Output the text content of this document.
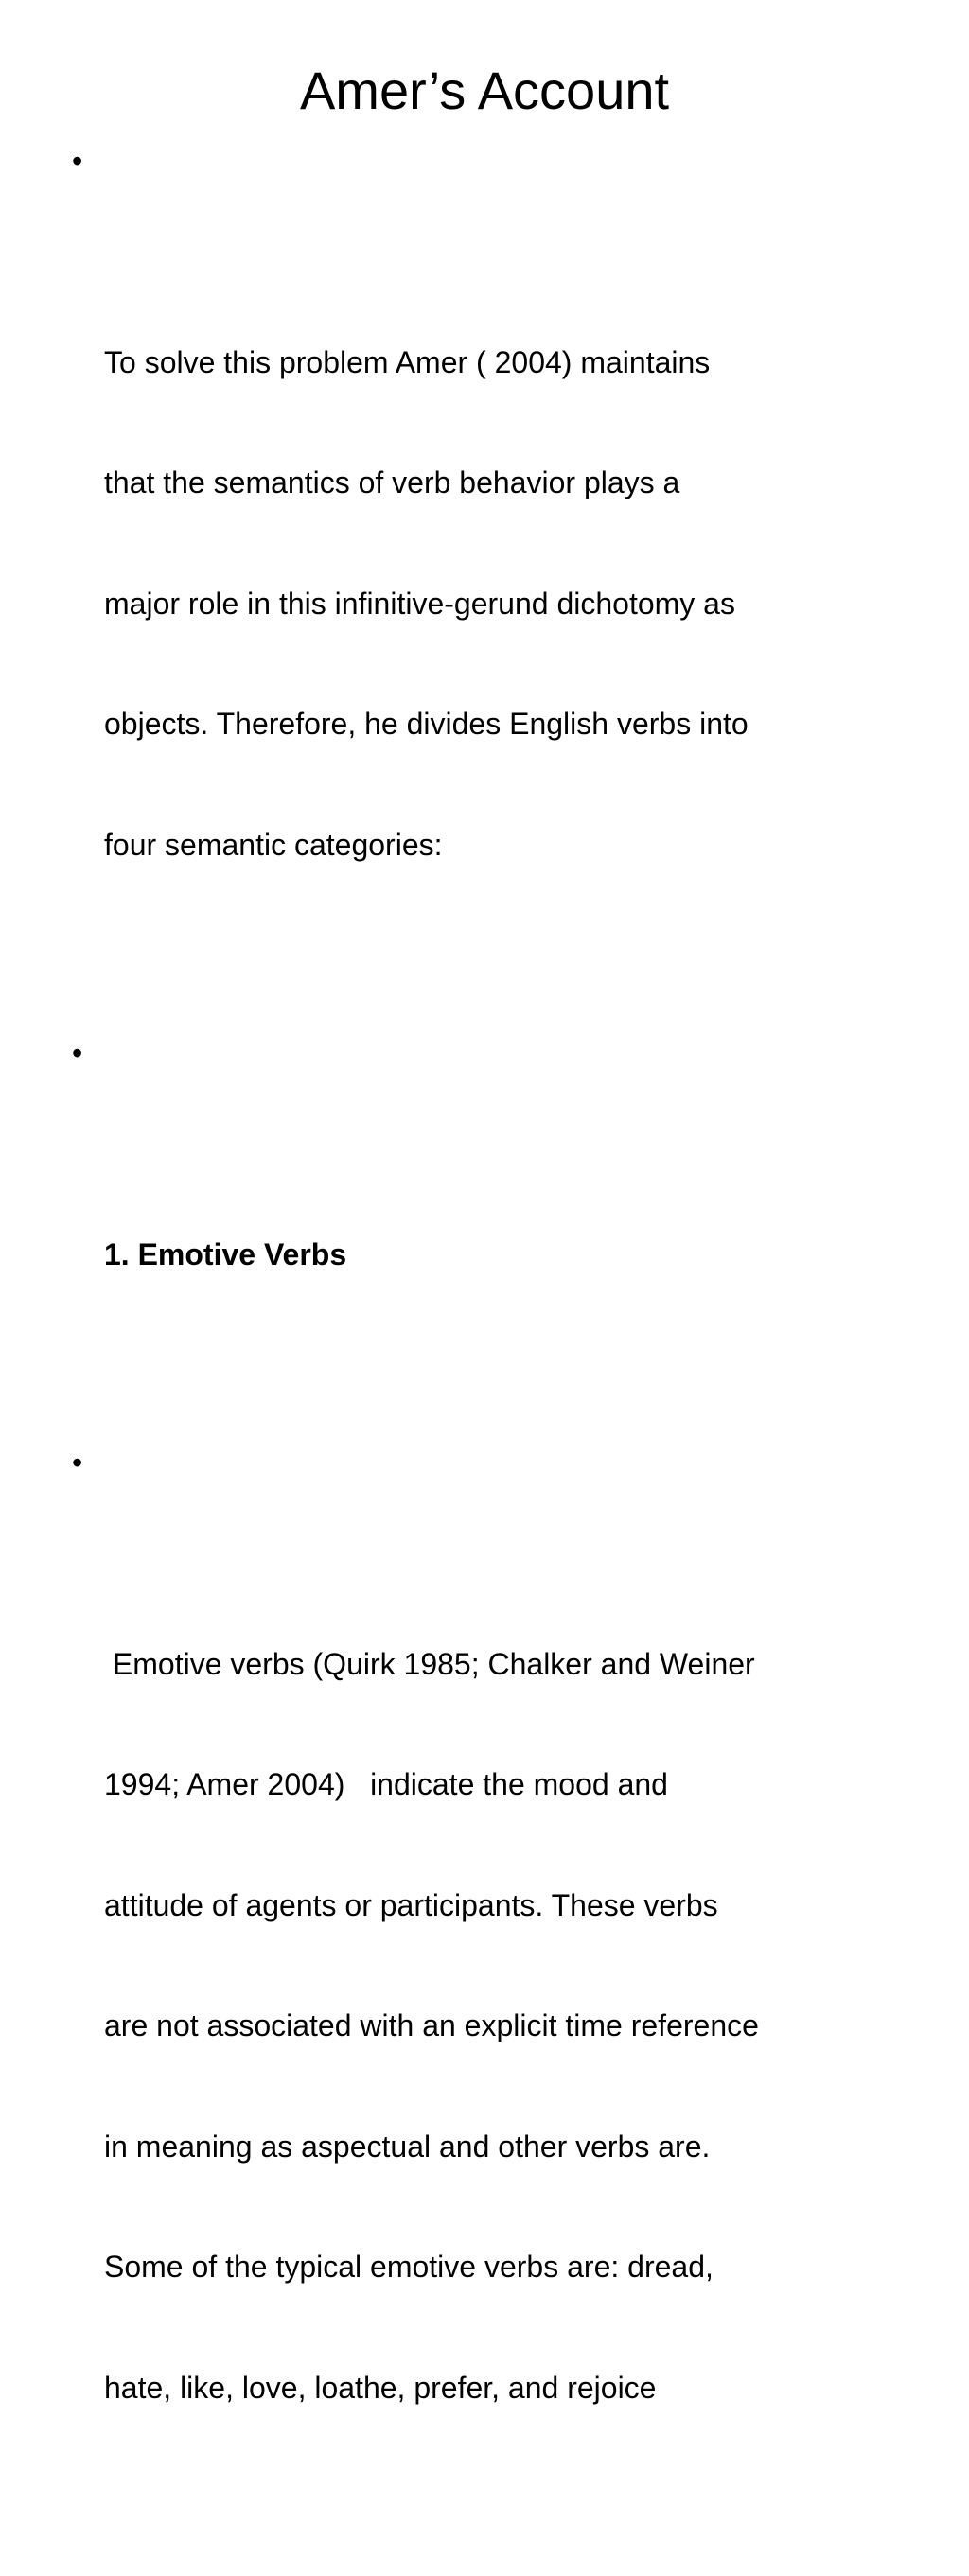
Amer’s Account

•

To solve this problem Amer ( 2004) maintains

that the semantics of verb behavior plays a

major role in this infinitive-gerund dichotomy as

objects. Therefore, he divides English verbs into

four semantic categories:

•

1. Emotive Verbs

•

Emotive verbs (Quirk 1985; Chalker and Weiner

1994; Amer 2004)   indicate the mood and

attitude of agents or participants. These verbs

are not associated with an explicit time reference

in meaning as aspectual and other verbs are.

Some of the typical emotive verbs are: dread,

hate, like, love, loathe, prefer, and rejoice
